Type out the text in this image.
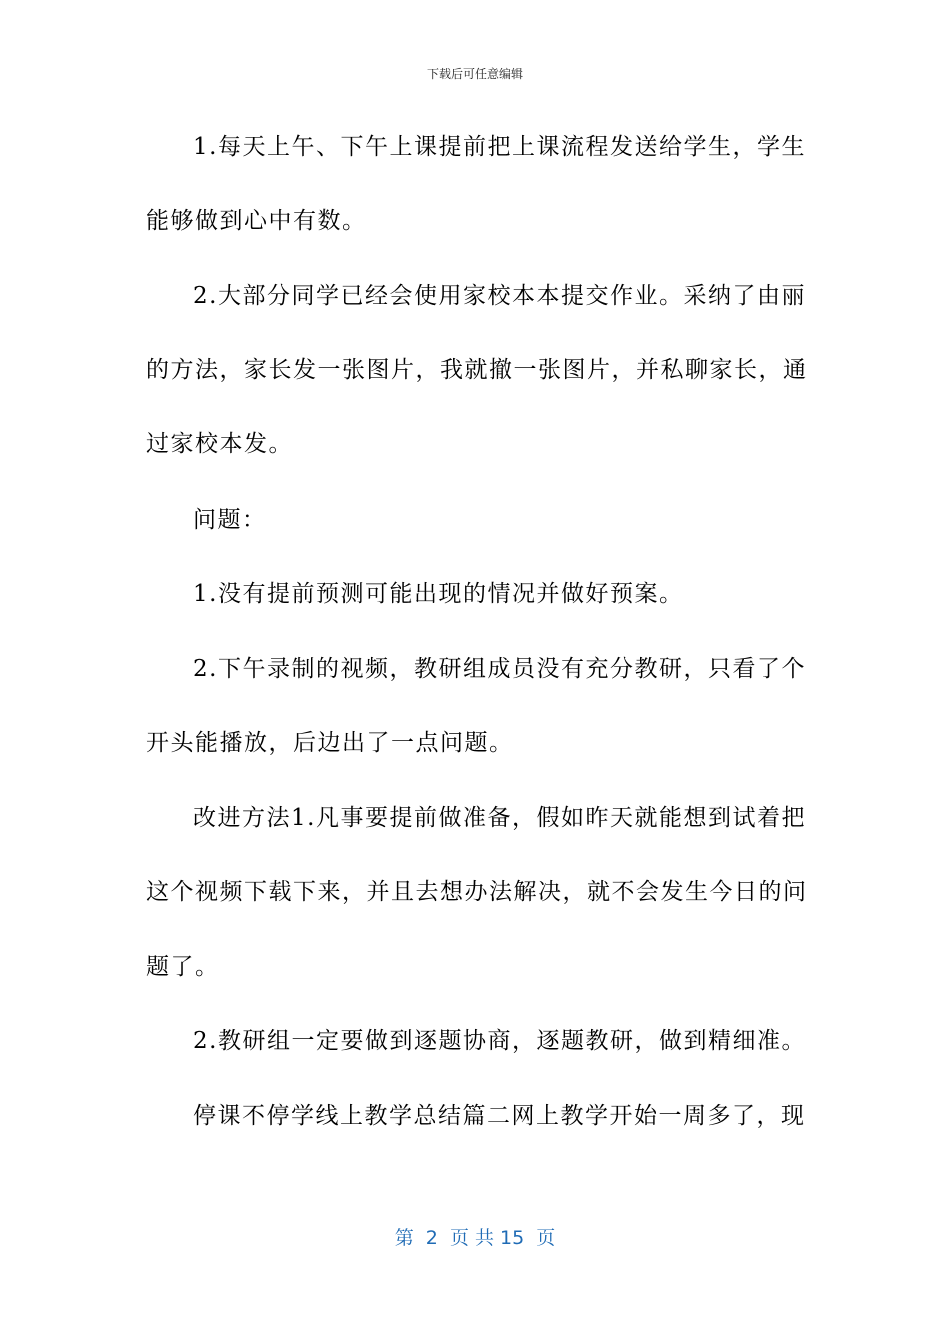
下载后可任意编辑
1.每天上午、下午上课提前把上课流程发送给学生，学生
能够做到心中有数。
2.大部分同学已经会使用家校本本提交作业。采纳了由丽
的方法，家长发一张图片，我就撤一张图片，并私聊家长，通
过家校本发。
问题：
1.没有提前预测可能出现的情况并做好预案。
2.下午录制的视频，教研组成员没有充分教研，只看了个
开头能播放，后边出了一点问题。
改进方法1.凡事要提前做准备，假如昨天就能想到试着把
这个视频下载下来，并且去想办法解决，就不会发生今日的问
题了。
2.教研组一定要做到逐题协商，逐题教研，做到精细准。
停课不停学线上教学总结篇二网上教学开始一周多了，现
第  2  页 共 15  页
